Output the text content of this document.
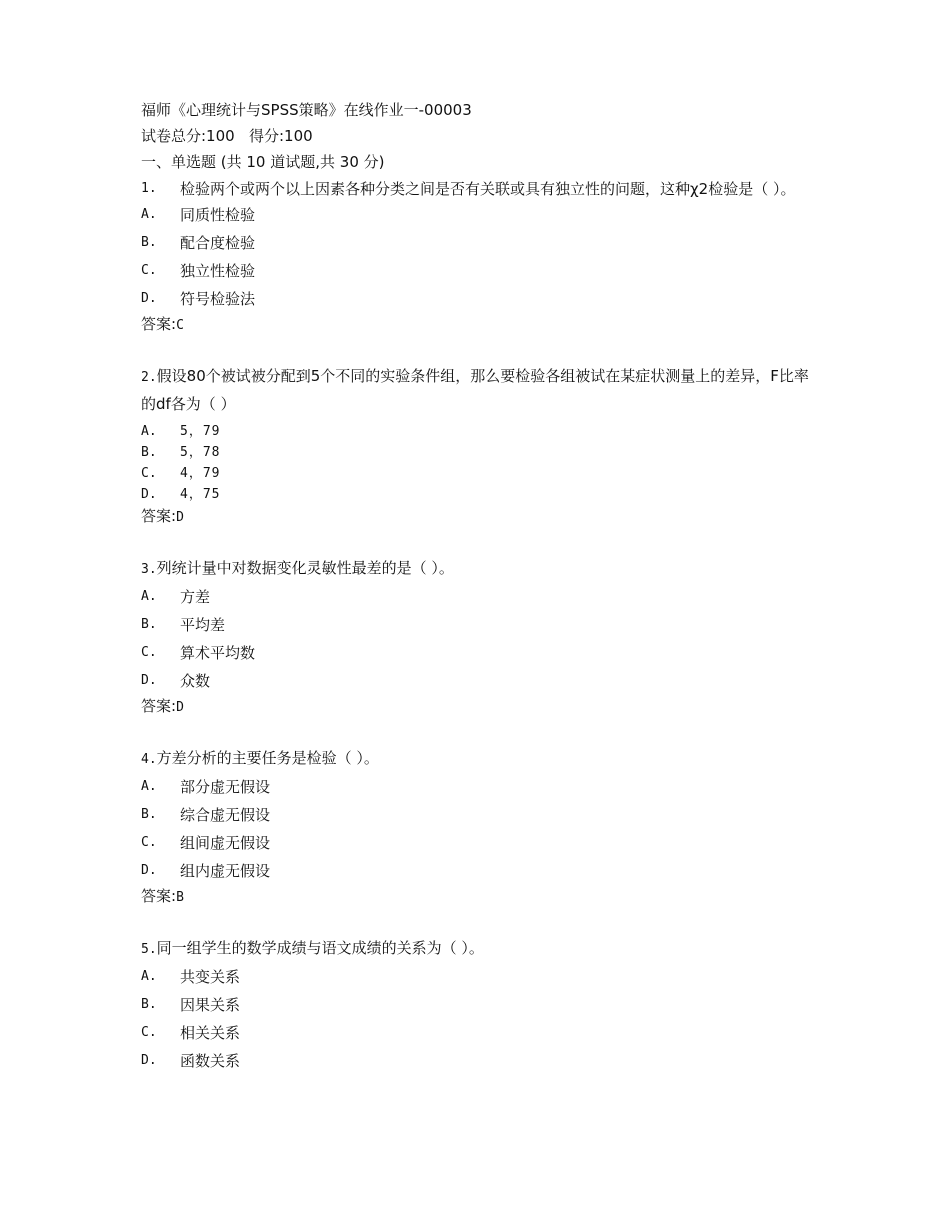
福师《心理统计与SPSS策略》在线作业一-00003
试卷总分:100   得分:100
一、单选题 (共 10 道试题,共 30 分)
1.	检验两个或两个以上因素各种分类之间是否有关联或具有独立性的问题，这种χ2检验是（ ）。
A.	同质性检验
B.	配合度检验
C.	独立性检验
D.	符号检验法
答案:C
2.假设80个被试被分配到5个不同的实验条件组，那么要检验各组被试在某症状测量上的差异，F比率的df各为（ ）
A.	5，79
B.	5，78
C.	4，79
D.	4，75
答案:D
3.列统计量中对数据变化灵敏性最差的是（ ）。
A.	方差
B.	平均差
C.	算术平均数
D.	众数
答案:D
4.方差分析的主要任务是检验（ ）。
A.	部分虚无假设
B.	综合虚无假设
C.	组间虚无假设
D.	组内虚无假设
答案:B
5.同一组学生的数学成绩与语文成绩的关系为（ ）。
A.	共变关系
B.	因果关系
C.	相关关系
D.	函数关系
